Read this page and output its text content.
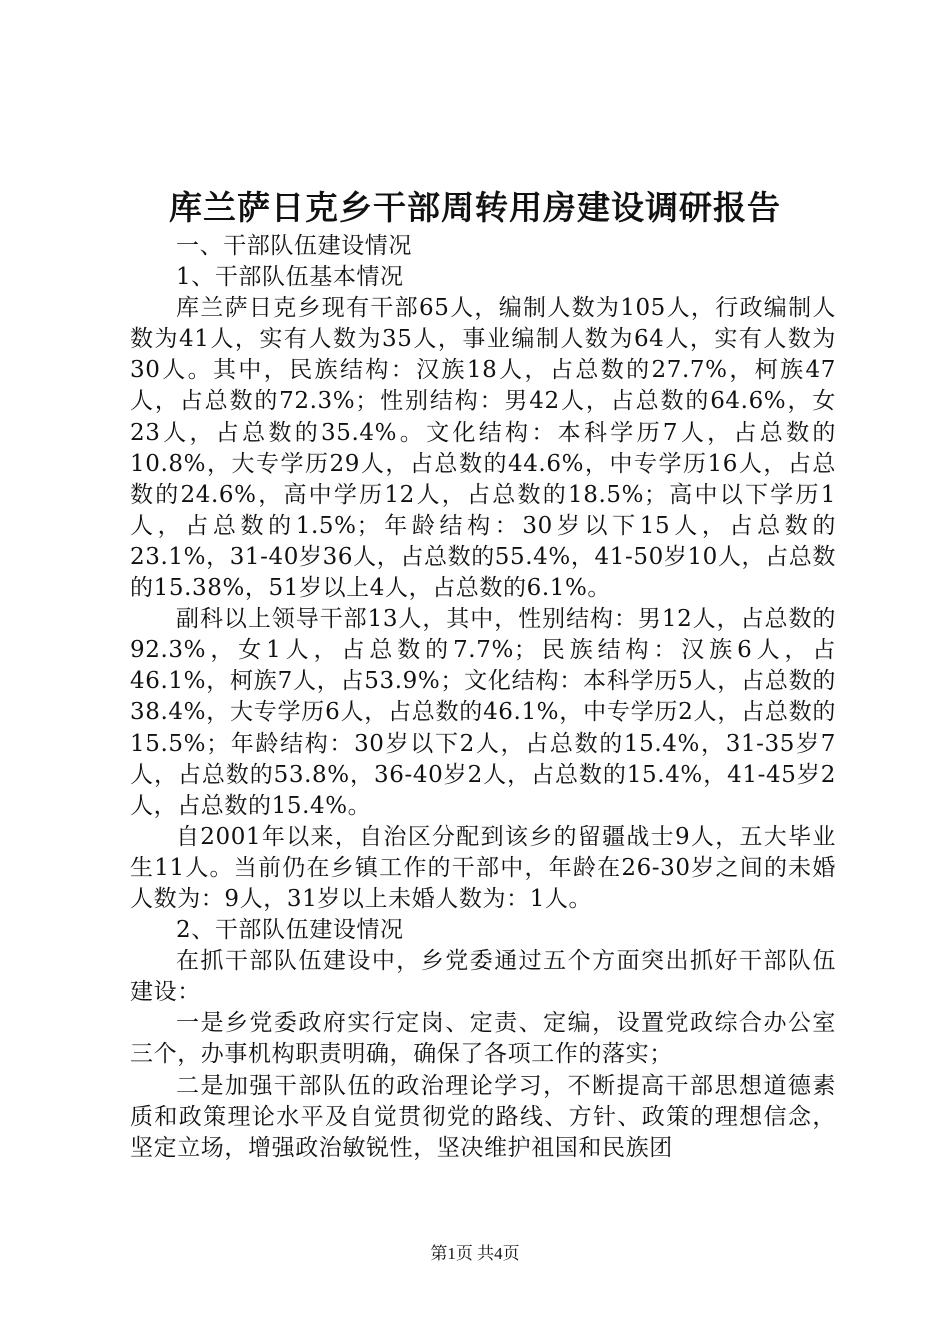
库兰萨日克乡干部周转用房建设调研报告

一、干部队伍建设情况

1、干部队伍基本情况

库兰萨日克乡现有干部65人，编制人数为105人，行政编制人数为41人，实有人数为35人，事业编制人数为64人，实有人数为30人。其中，民族结构：汉族18人，占总数的27.7%，柯族47人，占总数的72.3%；性别结构：男42人，占总数的64.6%，女23人，占总数的35.4%。文化结构：本科学历7人，占总数的10.8%，大专学历29人，占总数的44.6%，中专学历16人，占总数的24.6%，高中学历12人，占总数的18.5%；高中以下学历1人，占总数的1.5%；年龄结构：30岁以下15人，占总数的23.1%，31-40岁36人，占总数的55.4%，41-50岁10人，占总数的15.38%，51岁以上4人，占总数的6.1%。

副科以上领导干部13人，其中，性别结构：男12人，占总数的92.3%，女1人，占总数的7.7%；民族结构：汉族6人，占46.1%，柯族7人，占53.9%；文化结构：本科学历5人，占总数的38.4%，大专学历6人，占总数的46.1%，中专学历2人，占总数的15.5%；年龄结构：30岁以下2人，占总数的15.4%，31-35岁7人，占总数的53.8%，36-40岁2人，占总数的15.4%，41-45岁2人，占总数的15.4%。

自2001年以来，自治区分配到该乡的留疆战士9人，五大毕业生11人。当前仍在乡镇工作的干部中，年龄在26-30岁之间的未婚人数为：9人，31岁以上未婚人数为：1人。

2、干部队伍建设情况

在抓干部队伍建设中，乡党委通过五个方面突出抓好干部队伍建设：

一是乡党委政府实行定岗、定责、定编，设置党政综合办公室三个，办事机构职责明确，确保了各项工作的落实；

二是加强干部队伍的政治理论学习，不断提高干部思想道德素质和政策理论水平及自觉贯彻党的路线、方针、政策的理想信念，坚定立场，增强政治敏锐性，坚决维护祖国和民族团

第1页 共4页
